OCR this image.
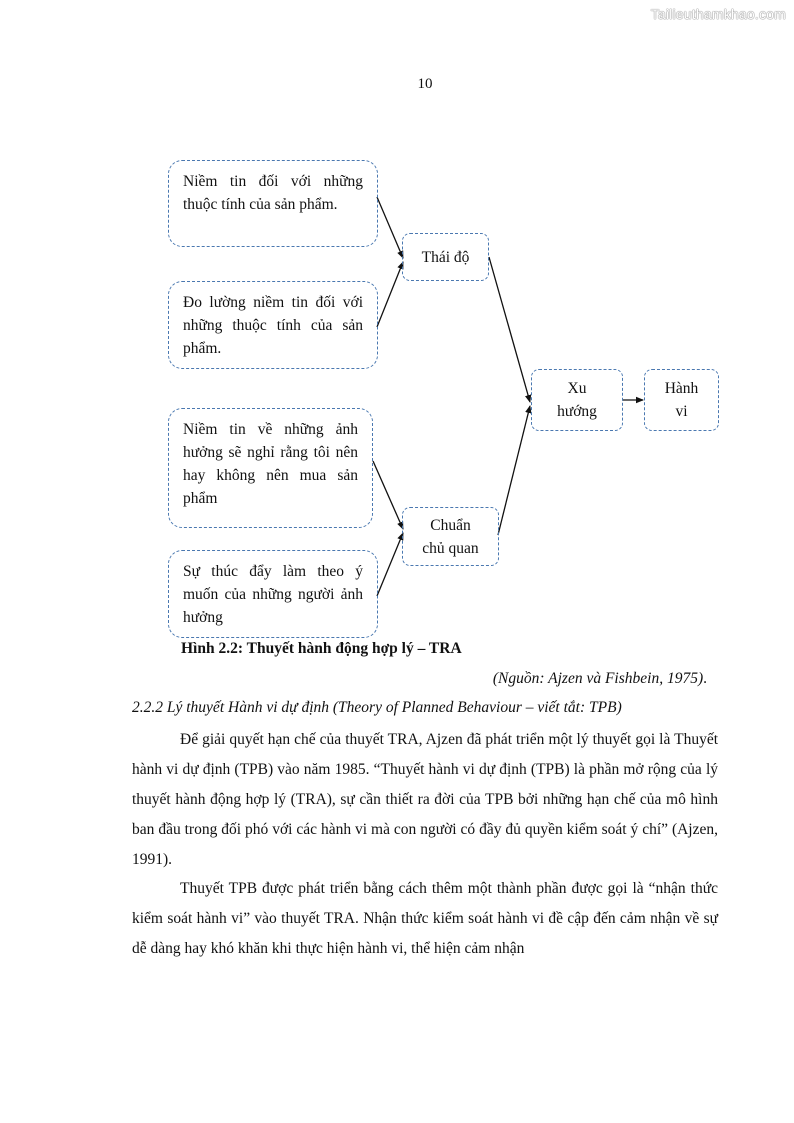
Tailieuthamkhao.com
10
Niềm tin đối với những thuộc tính của sản phẩm.
Đo lường niềm tin đối với những thuộc tính của sản phẩm.
Niềm tin về những ảnh hưởng sẽ nghỉ rằng tôi nên hay không nên mua sản phẩm
Sự thúc đẩy làm theo ý muốn của những người ảnh hưởng
Thái độ
Chuẩn
chủ quan
Xu
hướng
Hành
vi
Hình 2.2: Thuyết hành động hợp lý – TRA
(Nguồn: Ajzen và Fishbein, 1975).
2.2.2 Lý thuyết Hành vi dự định (Theory of Planned Behaviour – viết tắt: TPB)

Để giải quyết hạn chế của thuyết TRA, Ajzen đã phát triển một lý thuyết gọi là Thuyết hành vi dự định (TPB) vào năm 1985. “Thuyết hành vi dự định (TPB) là phần mở rộng của lý thuyết hành động hợp lý (TRA), sự cần thiết ra đời của TPB bởi những hạn chế của mô hình ban đầu trong đối phó với các hành vi mà con người có đầy đủ quyền kiểm soát ý chí” (Ajzen, 1991).

Thuyết TPB được phát triển bằng cách thêm một thành phần được gọi là “nhận thức kiểm soát hành vi” vào thuyết TRA. Nhận thức kiểm soát hành vi đề cập đến cảm nhận về sự dễ dàng hay khó khăn khi thực hiện hành vi, thể hiện cảm nhận
